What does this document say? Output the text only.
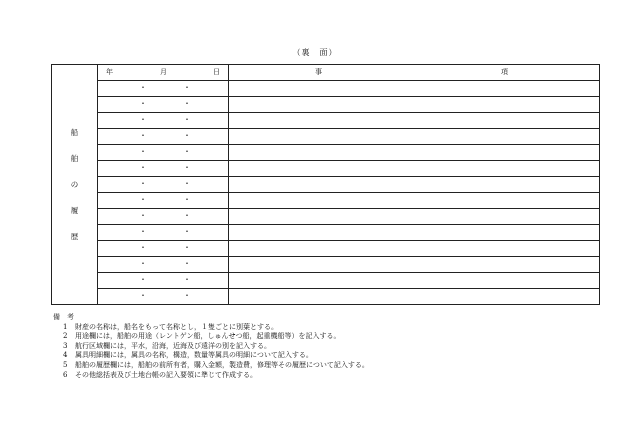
（裏　面）
船
舶
の
履
歴	年 月 日	事 項

	・ ・	

	・ ・	

	・ ・	

	・ ・	

	・ ・	

	・ ・	

	・ ・	

	・ ・	

	・ ・	

	・ ・	

	・ ・	

	・ ・	

	・ ・	

	・ ・	

備　考
1	財産の名称は，船名をもって名称とし，１隻ごとに別葉とする。
2	用途欄には，船舶の用途（レントゲン船，しゅんせつ船，起重機船等）を記入する。
3	航行区域欄には，平水，沿海，近海及び遠洋の別を記入する。
4	属具明細欄には，属具の名称，構造，数量等属具の明細について記入する。
5	船舶の履歴欄には，船舶の前所有者，購入金額，製造費，修理等その履歴について記入する。
6	その他総括表及び土地台帳の記入要領に準じて作成する。
